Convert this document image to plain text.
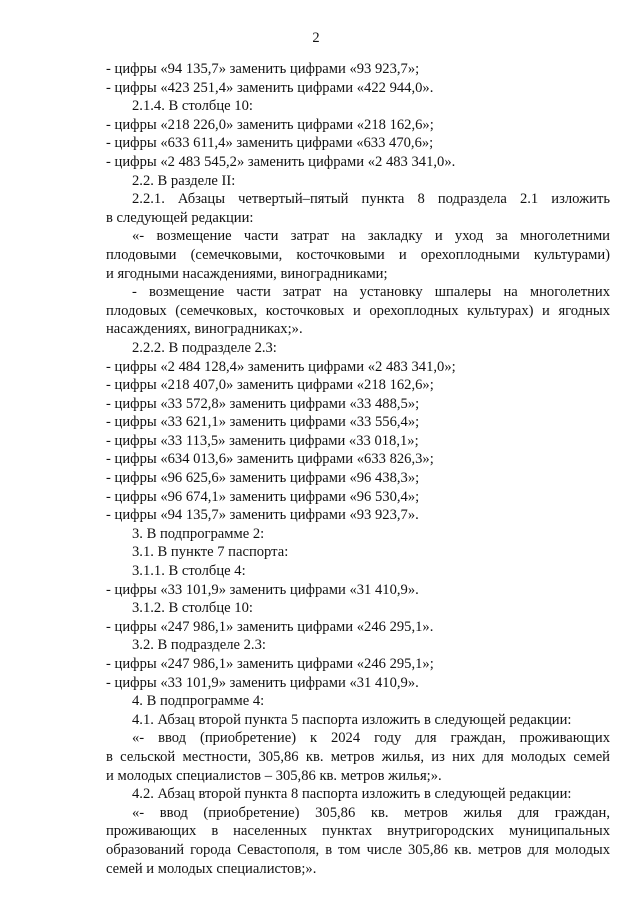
2
- цифры «94 135,7» заменить цифрами «93 923,7»;
- цифры «423 251,4» заменить цифрами «422 944,0».
2.1.4. В столбце 10:
- цифры «218 226,0» заменить цифрами «218 162,6»;
- цифры «633 611,4» заменить цифрами «633 470,6»;
- цифры «2 483 545,2» заменить цифрами «2 483 341,0».
2.2. В разделе II:
2.2.1. Абзацы четвертый–пятый пункта 8 подраздела 2.1 изложить
в следующей редакции:
«- возмещение части затрат на закладку и уход за многолетними
плодовыми (семечковыми, косточковыми и орехоплодными культурами)
и ягодными насаждениями, виноградниками;
- возмещение части затрат на установку шпалеры на многолетних
плодовых (семечковых, косточковых и орехоплодных культурах) и ягодных
насаждениях, виноградниках;».
2.2.2. В подразделе 2.3:
- цифры «2 484 128,4» заменить цифрами «2 483 341,0»;
- цифры «218 407,0» заменить цифрами «218 162,6»;
- цифры «33 572,8» заменить цифрами «33 488,5»;
- цифры «33 621,1» заменить цифрами «33 556,4»;
- цифры «33 113,5» заменить цифрами «33 018,1»;
- цифры «634 013,6» заменить цифрами «633 826,3»;
- цифры «96 625,6» заменить цифрами «96 438,3»;
- цифры «96 674,1» заменить цифрами «96 530,4»;
- цифры «94 135,7» заменить цифрами «93 923,7».
3. В подпрограмме 2:
3.1. В пункте 7 паспорта:
3.1.1. В столбце 4:
- цифры «33 101,9» заменить цифрами «31 410,9».
3.1.2. В столбце 10:
- цифры «247 986,1» заменить цифрами «246 295,1».
3.2. В подразделе 2.3:
- цифры «247 986,1» заменить цифрами «246 295,1»;
- цифры «33 101,9» заменить цифрами «31 410,9».
4. В подпрограмме 4:
4.1. Абзац второй пункта 5 паспорта изложить в следующей редакции:
«- ввод (приобретение) к 2024 году для граждан, проживающих
в сельской местности, 305,86 кв. метров жилья, из них для молодых семей
и молодых специалистов – 305,86 кв. метров жилья;».
4.2. Абзац второй пункта 8 паспорта изложить в следующей редакции:
«- ввод (приобретение) 305,86 кв. метров жилья для граждан,
проживающих в населенных пунктах внутригородских муниципальных
образований города Севастополя, в том числе 305,86 кв. метров для молодых
семей и молодых специалистов;».
